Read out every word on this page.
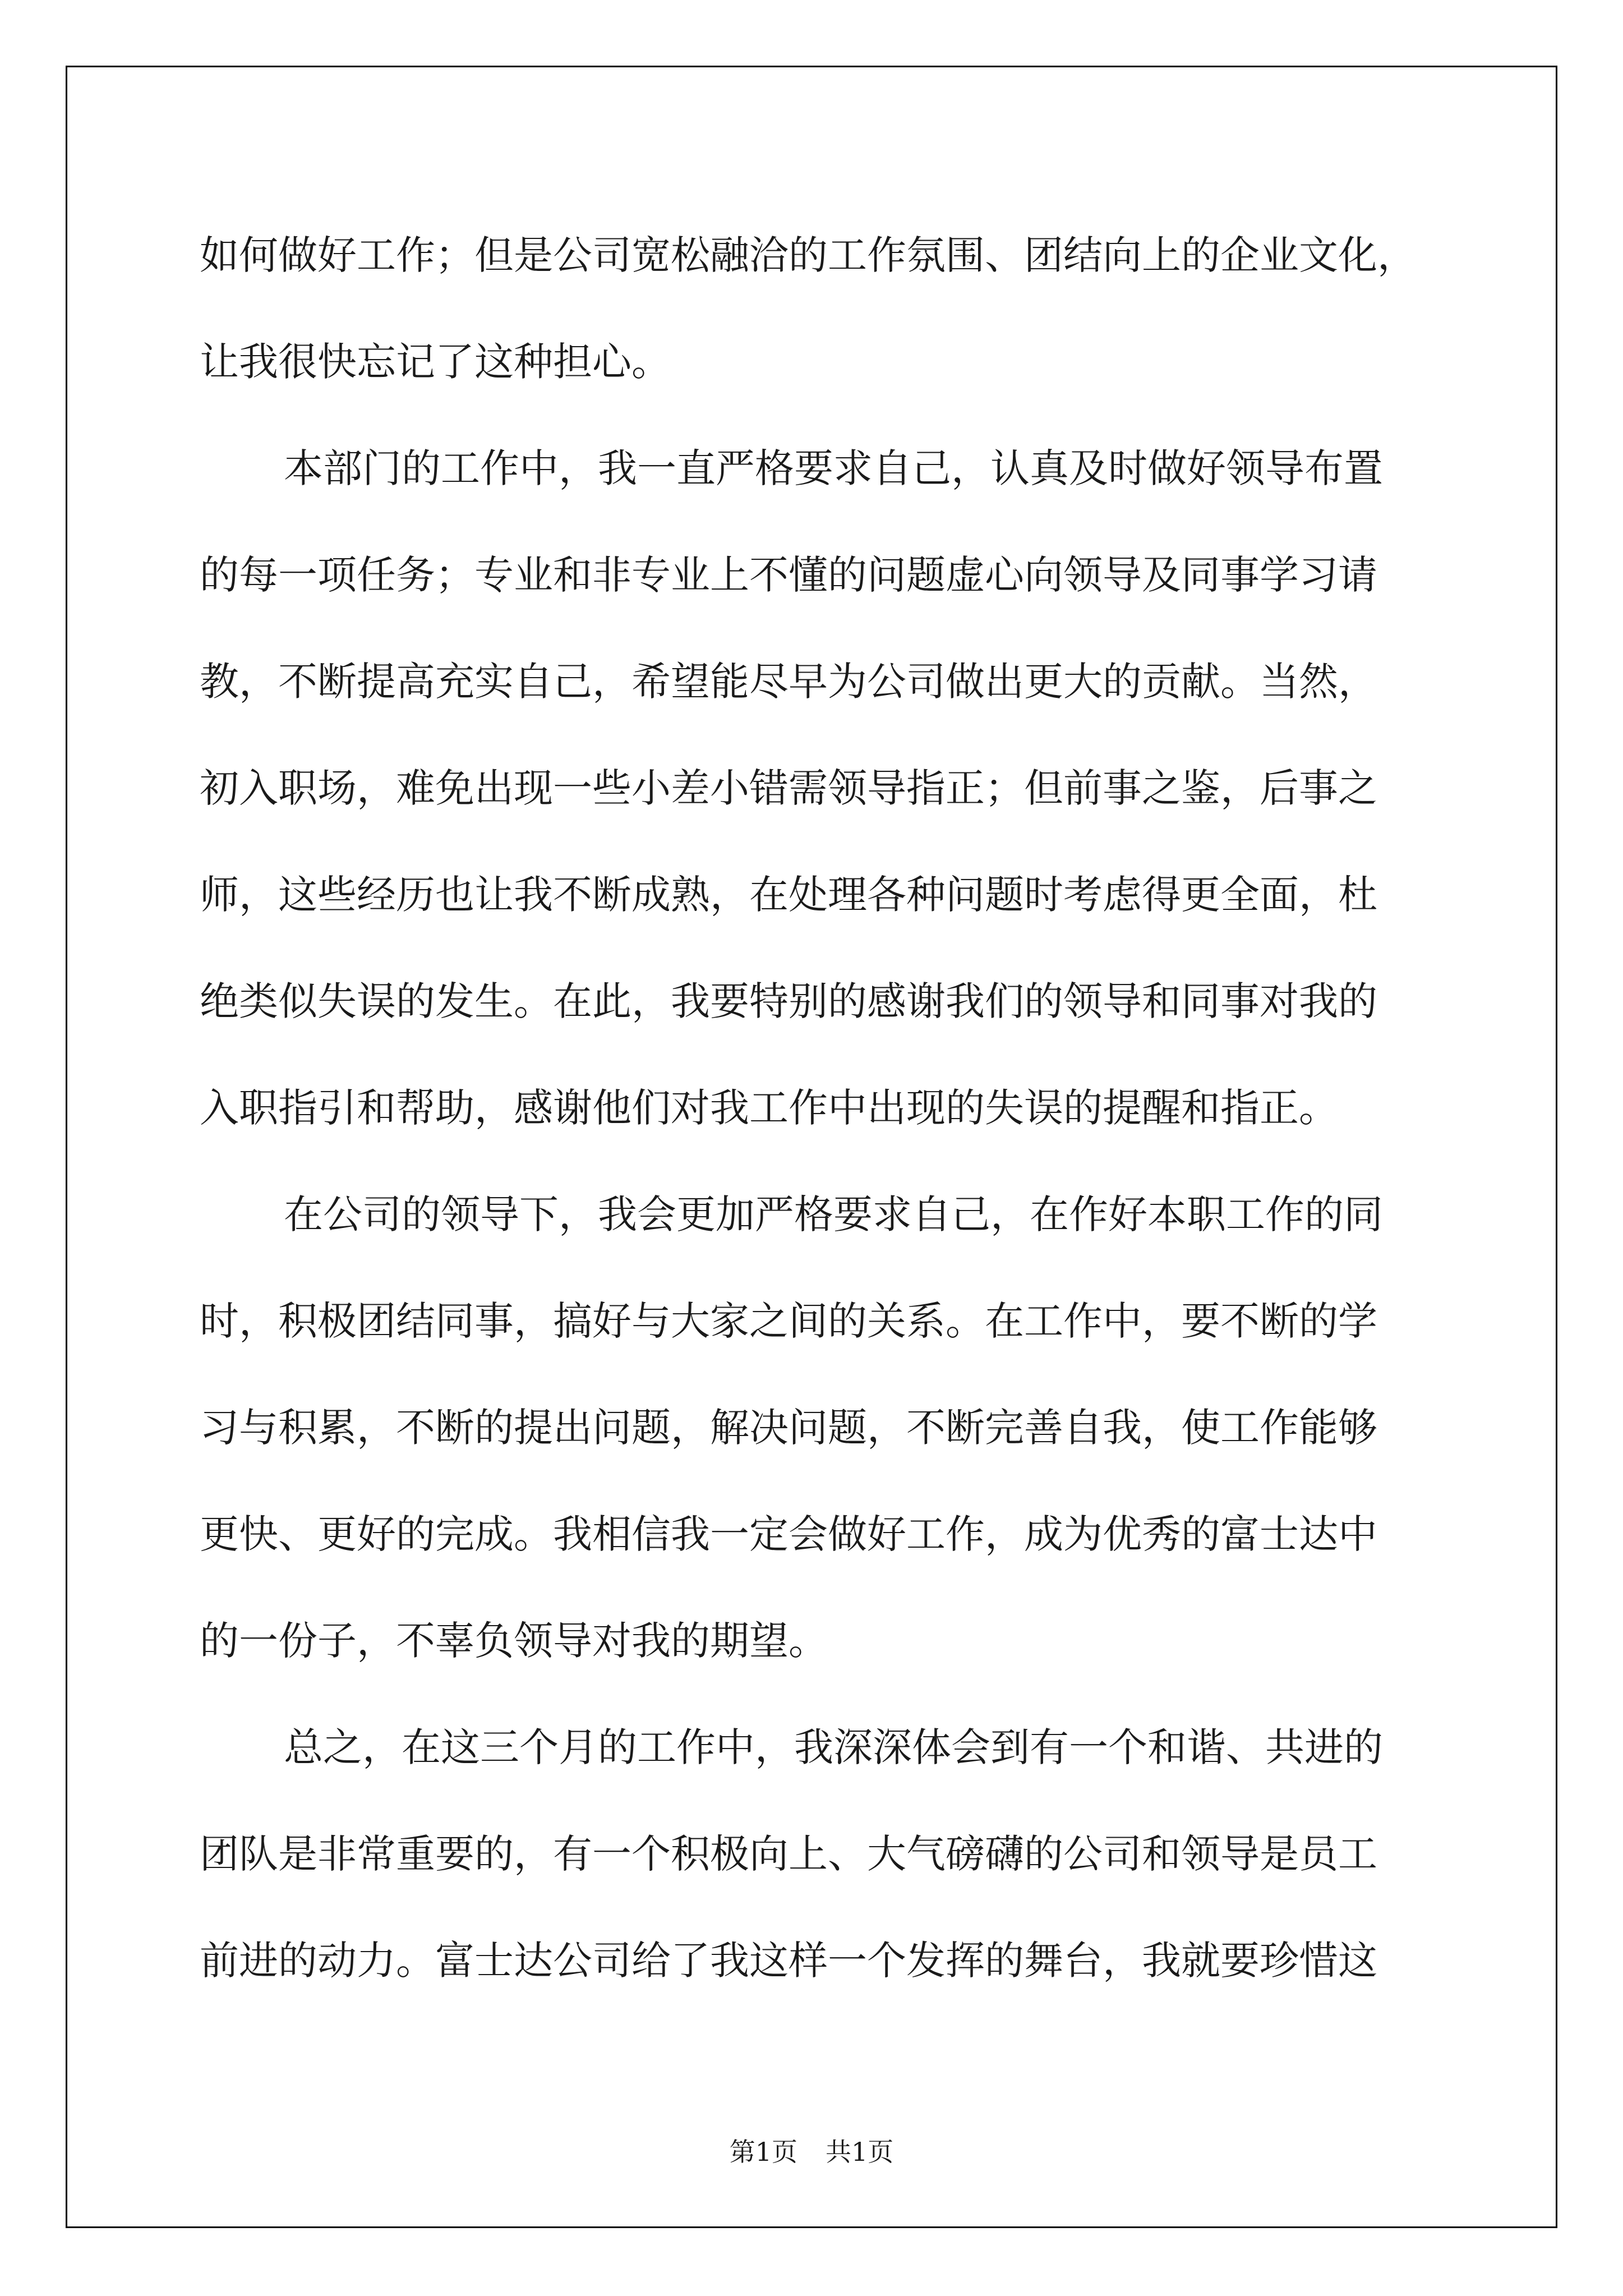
如何做好工作；但是公司宽松融洽的工作氛围、团结向上的企业文化，
让我很快忘记了这种担心。
本部门的工作中，我一直严格要求自己，认真及时做好领导布置
的每一项任务；专业和非专业上不懂的问题虚心向领导及同事学习请
教，不断提高充实自己，希望能尽早为公司做出更大的贡献。当然，
初入职场，难免出现一些小差小错需领导指正；但前事之鉴，后事之
师，这些经历也让我不断成熟，在处理各种问题时考虑得更全面，杜
绝类似失误的发生。在此，我要特别的感谢我们的领导和同事对我的
入职指引和帮助，感谢他们对我工作中出现的失误的提醒和指正。
在公司的领导下，我会更加严格要求自己，在作好本职工作的同
时，积极团结同事，搞好与大家之间的关系。在工作中，要不断的学
习与积累，不断的提出问题，解决问题，不断完善自我，使工作能够
更快、更好的完成。我相信我一定会做好工作，成为优秀的富士达中
的一份子，不辜负领导对我的期望。
总之，在这三个月的工作中，我深深体会到有一个和谐、共进的
团队是非常重要的，有一个积极向上、大气磅礴的公司和领导是员工
前进的动力。富士达公司给了我这样一个发挥的舞台，我就要珍惜这
第1页 共1页
